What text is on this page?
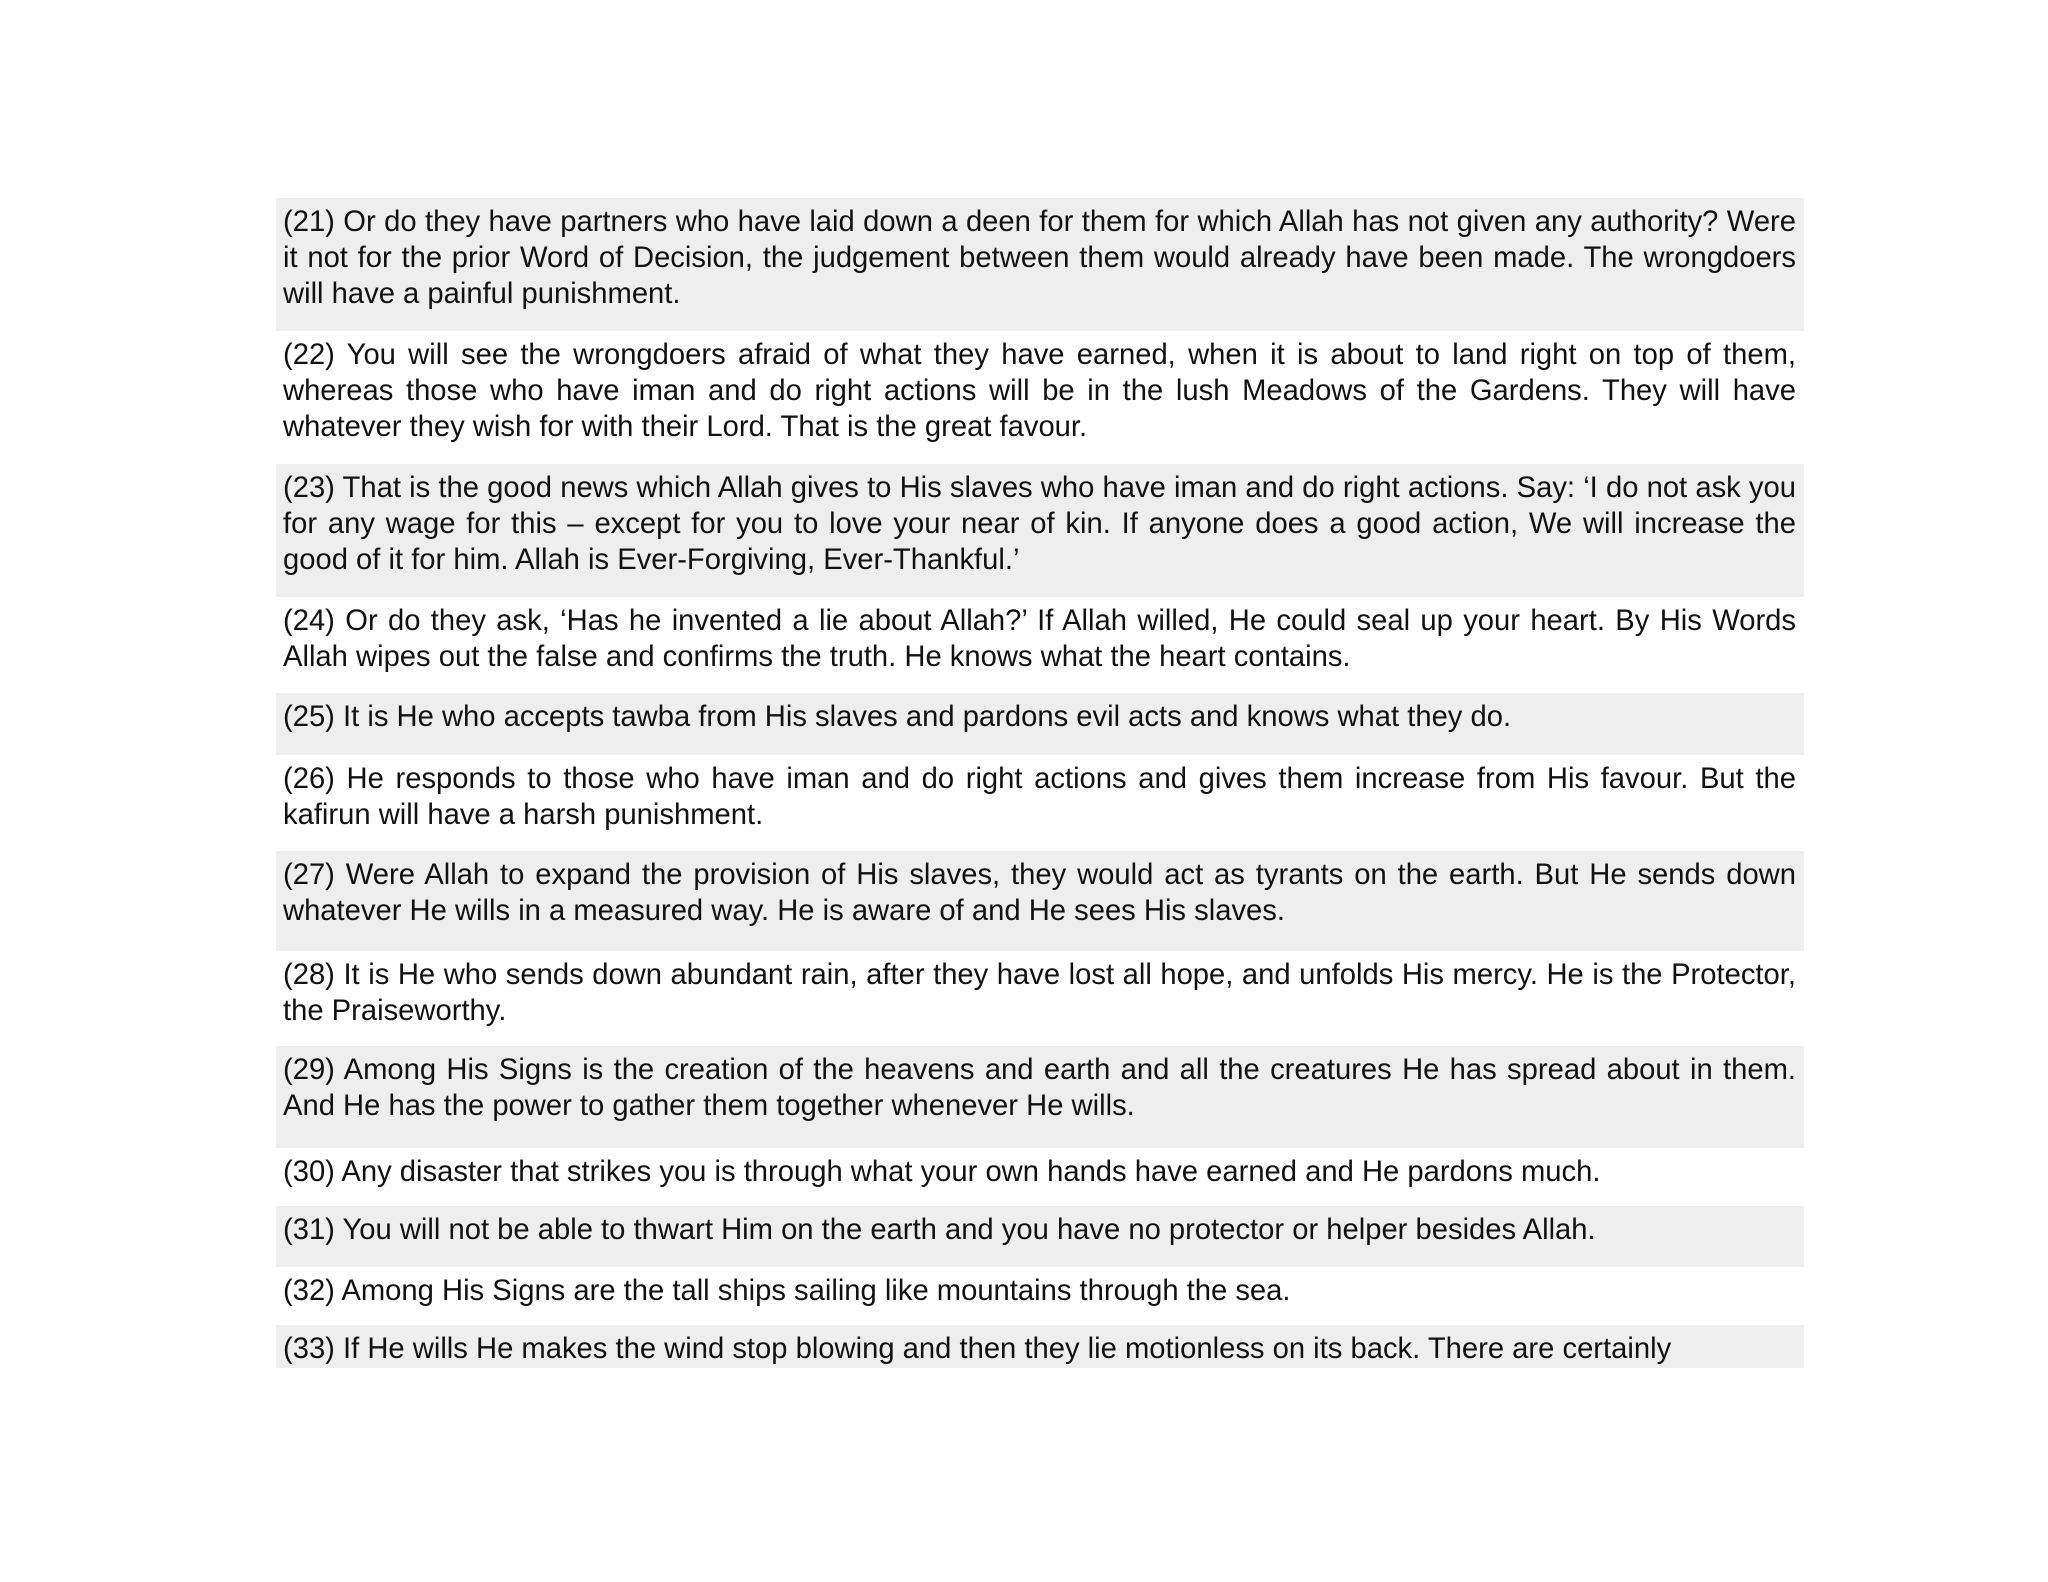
(21) Or do they have partners who have laid down a deen for them for which Allah has not given any authority? Were it not for the prior Word of Decision, the judgement between them would already have been made. The wrongdoers will have a painful punishment.
(22) You will see the wrongdoers afraid of what they have earned, when it is about to land right on top of them, whereas those who have iman and do right actions will be in the lush Meadows of the Gardens. They will have whatever they wish for with their Lord. That is the great favour.
(23) That is the good news which Allah gives to His slaves who have iman and do right actions. Say: ‘I do not ask you for any wage for this – except for you to love your near of kin. If anyone does a good action, We will increase the good of it for him. Allah is Ever-Forgiving, Ever-Thankful.’
(24) Or do they ask, ‘Has he invented a lie about Allah?’ If Allah willed, He could seal up your heart. By His Words Allah wipes out the false and confirms the truth. He knows what the heart contains.
(25) It is He who accepts tawba from His slaves and pardons evil acts and knows what they do.
(26) He responds to those who have iman and do right actions and gives them increase from His favour. But the kafirun will have a harsh punishment.
(27) Were Allah to expand the provision of His slaves, they would act as tyrants on the earth. But He sends down whatever He wills in a measured way. He is aware of and He sees His slaves.
(28) It is He who sends down abundant rain, after they have lost all hope, and unfolds His mercy. He is the Protector, the Praiseworthy.
(29) Among His Signs is the creation of the heavens and earth and all the creatures He has spread about in them. And He has the power to gather them together whenever He wills.
(30) Any disaster that strikes you is through what your own hands have earned and He pardons much.
(31) You will not be able to thwart Him on the earth and you have no protector or helper besides Allah.
(32) Among His Signs are the tall ships sailing like mountains through the sea.
(33) If He wills He makes the wind stop blowing and then they lie motionless on its back. There are certainly
